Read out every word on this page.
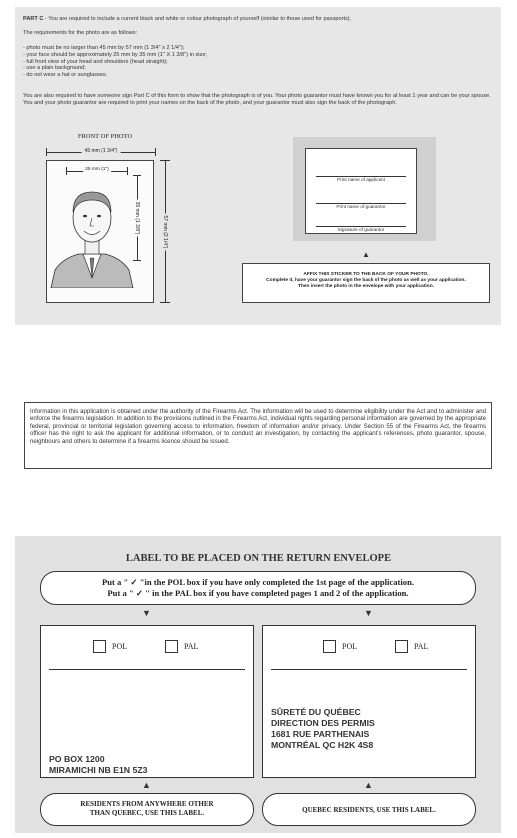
PART C - You are required to include a current black and white or colour photograph of yourself (similar to those used for passports).
The requirements for the photo are as follows:
- photo must be no larger than 45 mm by 57 mm (1 3/4" x 2 1/4");
- your face should be approximately 25 mm by 35 mm (1" X 1 3/8") in size;
- full front view of your head and shoulders (head straight);
- use a plain background;
- do not wear a hat or sunglasses.
You are also required to have someone sign Part C of this form to show that the photograph is of you. Your photo guarantor must have known you for at least 1 year and can be your spouse. You and your photo guarantor are required to print your names on the back of the photo, and your guarantor must also sign the back of the photograph.
FRONT OF PHOTO
45 mm (1 3/4")
25 mm (1")
35 mm (1 3/8")	57 mm (2 1/4")
Print name of applicant
Print name of guarantor
Signature of guarantor
▲
AFFIX THIS STICKER TO THE BACK OF YOUR PHOTO.
Complete it, have your guarantor sign the back of the photo as well as your application.
Then insert the photo in the envelope with your application.
Information in this application is obtained under the authority of the Firearms Act. The information will be used to determine eligibility under the Act and to administer and enforce the firearms legislation. In addition to the provisions outlined in the Firearms Act, individual rights regarding personal information are governed by the appropriate federal, provincial or territorial legislation governing access to information, freedom of information and/or privacy. Under Section 55 of the Firearms Act, the firearms officer has the right to ask the applicant for additional information, or to conduct an investigation, by contacting the applicant's references, photo guarantor, spouse, neighbours and others to determine if a firearms licence should be issued.
LABEL TO BE PLACED ON THE RETURN ENVELOPE
Put a " ✓ "in the POL box if you have only completed the 1st page of the application.
Put a " ✓ " in the PAL box if you have completed pages 1 and 2 of the application.
▼	▼
POL	PAL
PO BOX 1200
MIRAMICHI NB E1N 5Z3
POL	PAL
SÛRETÉ DU QUÉBEC
DIRECTION DES PERMIS
1681 RUE PARTHENAIS
MONTRÉAL QC H2K 4S8
▲	▲
RESIDENTS FROM ANYWHERE OTHER
THAN QUEBEC, USE THIS LABEL.	QUEBEC RESIDENTS, USE THIS LABEL.
